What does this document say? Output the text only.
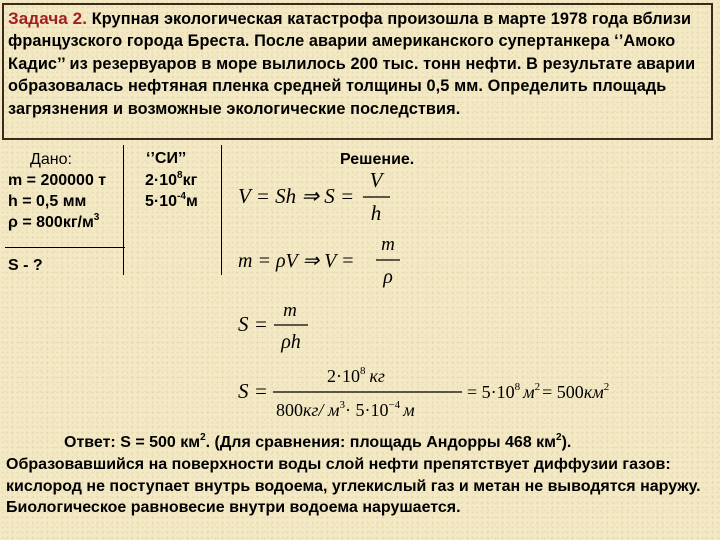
Задача 2. Крупная экологическая катастрофа произошла в марте 1978 года вблизи французского города Бреста. После аварии американского супертанкера ‘’Амоко Кадис’’ из резервуаров в море вылилось 200 тыс. тонн нефти. В результате аварии образовалась нефтяная пленка средней толщины 0,5 мм. Определить площадь загрязнения и возможные экологические последствия.
Дано:	‘’СИ’’	Решение.
m = 200000 т
h = 0,5 мм
$\rho = 800кг/м^3$
S - ?
$2\cdot 10^8кг$
$5\cdot 10^{-4}м$ V = Sh ⇒ S =
V
h
m = ρV ⇒ V =
m
ρ
S =
m
ρh
S =
$2\cdot 10^8$ кг
800кг/ $м^3\cdot 5\cdot 10^{-4}$ м
= $5\cdot 10^8$ $м^2 = 500км^2$
Ответ: S = 500 $км^2$. (Для сравнения: площадь Андорры 468 $км^2$).
Образовавшийся на поверхности воды слой нефти препятствует диффузии газов: кислород не поступает внутрь водоема, углекислый газ и метан не выводятся наружу. Биологическое равновесие внутри водоема нарушается.
